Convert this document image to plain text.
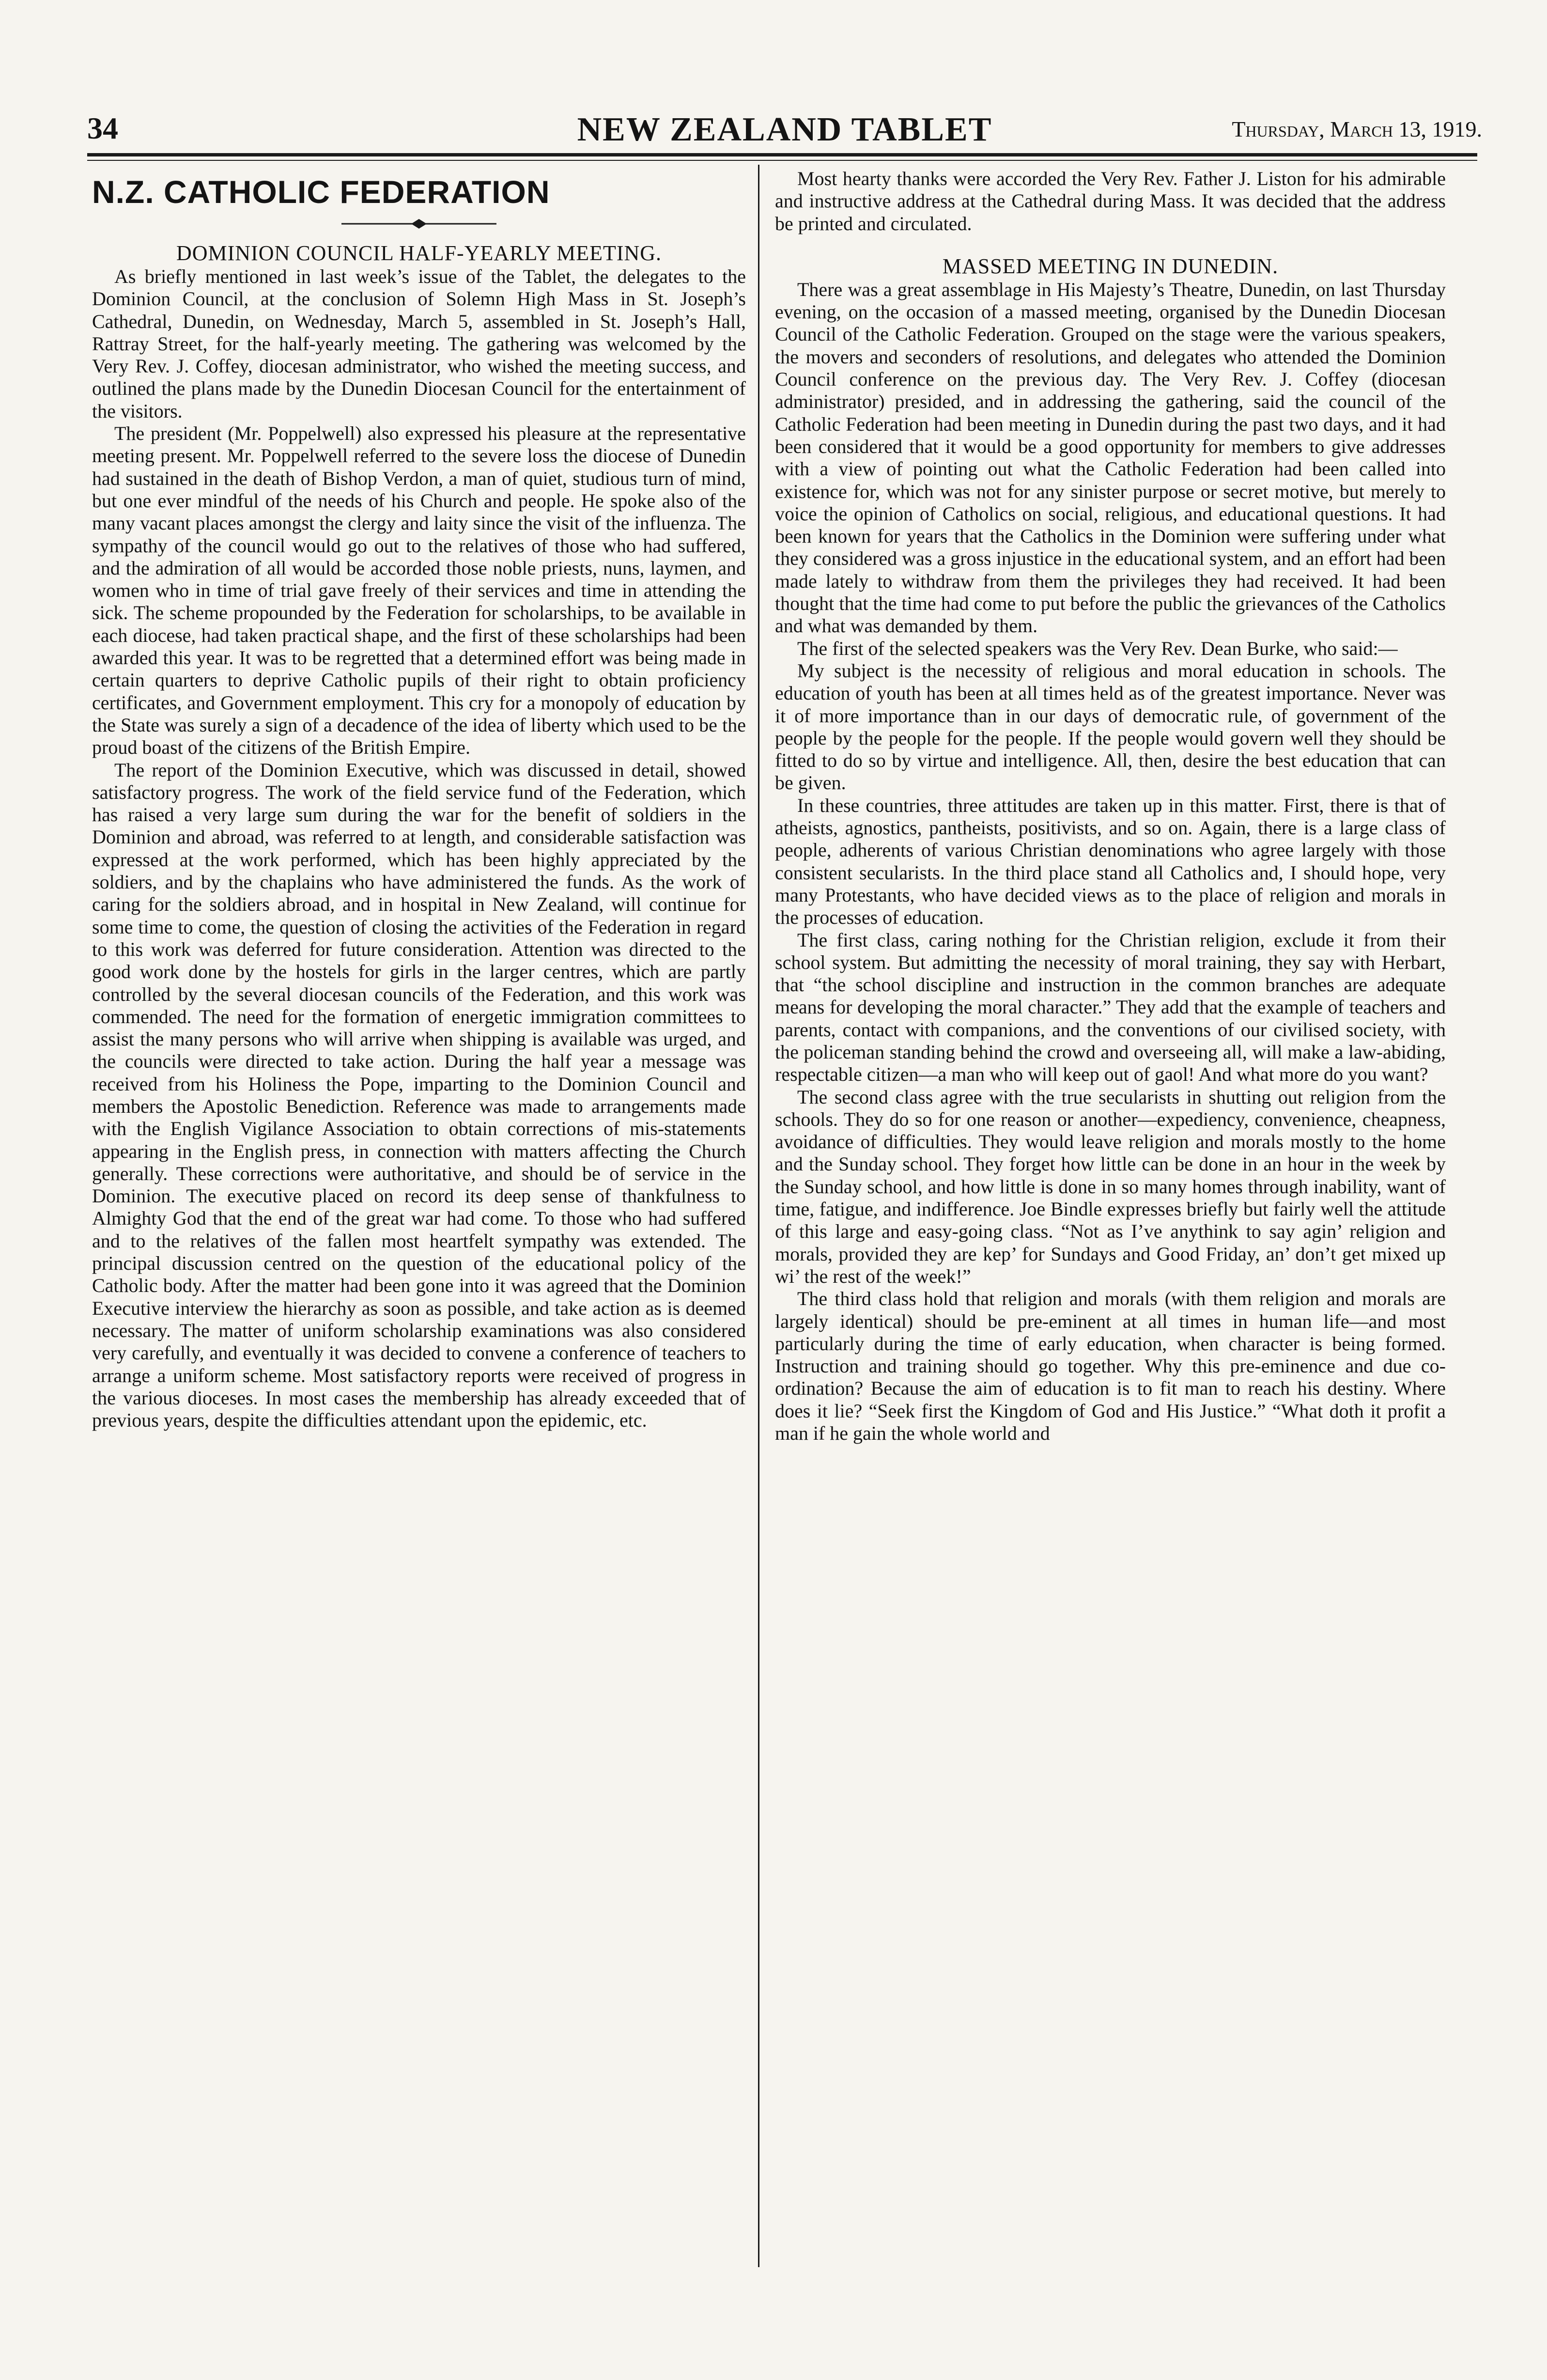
34	NEW ZEALAND TABLET	Thursday, March 13, 1919.
N.Z. CATHOLIC FEDERATION
DOMINION COUNCIL HALF-YEARLY MEETING.

As briefly mentioned in last week’s issue of the Tablet, the delegates to the Dominion Council, at the conclusion of Solemn High Mass in St. Joseph’s Cathedral, Dunedin, on Wednesday, March 5, assembled in St. Joseph’s Hall, Rattray Street, for the half-yearly meeting. The gathering was welcomed by the Very Rev. J. Coffey, diocesan administrator, who wished the meeting success, and outlined the plans made by the Dunedin Diocesan Council for the entertainment of the visitors.

The president (Mr. Poppelwell) also expressed his pleasure at the representative meeting present. Mr. Poppelwell referred to the severe loss the diocese of Dunedin had sustained in the death of Bishop Verdon, a man of quiet, studious turn of mind, but one ever mindful of the needs of his Church and people. He spoke also of the many vacant places amongst the clergy and laity since the visit of the influenza. The sympathy of the council would go out to the relatives of those who had suffered, and the admiration of all would be accorded those noble priests, nuns, laymen, and women who in time of trial gave freely of their services and time in attending the sick. The scheme propounded by the Federation for scholarships, to be available in each diocese, had taken practical shape, and the first of these scholarships had been awarded this year. It was to be regretted that a determined effort was being made in certain quarters to deprive Catholic pupils of their right to obtain proficiency certificates, and Government employment. This cry for a monopoly of education by the State was surely a sign of a decadence of the idea of liberty which used to be the proud boast of the citizens of the British Empire.

The report of the Dominion Executive, which was discussed in detail, showed satisfactory progress. The work of the field service fund of the Federation, which has raised a very large sum during the war for the benefit of soldiers in the Dominion and abroad, was referred to at length, and considerable satisfaction was expressed at the work performed, which has been highly appreciated by the soldiers, and by the chaplains who have administered the funds. As the work of caring for the soldiers abroad, and in hospital in New Zealand, will continue for some time to come, the question of closing the activities of the Federation in regard to this work was deferred for future consideration. Attention was directed to the good work done by the hostels for girls in the larger centres, which are partly controlled by the several diocesan councils of the Federation, and this work was commended. The need for the formation of energetic immigration committees to assist the many persons who will arrive when shipping is available was urged, and the councils were directed to take action. During the half year a message was received from his Holiness the Pope, imparting to the Dominion Council and members the Apostolic Benediction. Reference was made to arrangements made with the English Vigilance Association to obtain corrections of mis-statements appearing in the English press, in connection with matters affecting the Church generally. These corrections were authoritative, and should be of service in the Dominion. The executive placed on record its deep sense of thankfulness to Almighty God that the end of the great war had come. To those who had suffered and to the relatives of the fallen most heartfelt sympathy was extended. The principal discussion centred on the question of the educational policy of the Catholic body. After the matter had been gone into it was agreed that the Dominion Executive interview the hierarchy as soon as possible, and take action as is deemed necessary. The matter of uniform scholarship examinations was also considered very carefully, and eventually it was decided to convene a conference of teachers to arrange a uniform scheme. Most satisfactory reports were received of progress in the various dioceses. In most cases the membership has already exceeded that of previous years, despite the difficulties attendant upon the epidemic, etc.

Most hearty thanks were accorded the Very Rev. Father J. Liston for his admirable and instructive address at the Cathedral during Mass. It was decided that the address be printed and circulated.

MASSED MEETING IN DUNEDIN.

There was a great assemblage in His Majesty’s Theatre, Dunedin, on last Thursday evening, on the occasion of a massed meeting, organised by the Dunedin Diocesan Council of the Catholic Federation. Grouped on the stage were the various speakers, the movers and seconders of resolutions, and delegates who attended the Dominion Council conference on the previous day. The Very Rev. J. Coffey (diocesan administrator) presided, and in addressing the gathering, said the council of the Catholic Federation had been meeting in Dunedin during the past two days, and it had been considered that it would be a good opportunity for members to give addresses with a view of pointing out what the Catholic Federation had been called into existence for, which was not for any sinister purpose or secret motive, but merely to voice the opinion of Catholics on social, religious, and educational questions. It had been known for years that the Catholics in the Dominion were suffering under what they considered was a gross injustice in the educational system, and an effort had been made lately to withdraw from them the privileges they had received. It had been thought that the time had come to put before the public the grievances of the Catholics and what was demanded by them.

The first of the selected speakers was the Very Rev. Dean Burke, who said:—

My subject is the necessity of religious and moral education in schools. The education of youth has been at all times held as of the greatest importance. Never was it of more importance than in our days of democratic rule, of government of the people by the people for the people. If the people would govern well they should be fitted to do so by virtue and intelligence. All, then, desire the best education that can be given.

In these countries, three attitudes are taken up in this matter. First, there is that of atheists, agnostics, pantheists, positivists, and so on. Again, there is a large class of people, adherents of various Christian denominations who agree largely with those consistent secularists. In the third place stand all Catholics and, I should hope, very many Protestants, who have decided views as to the place of religion and morals in the processes of education.

The first class, caring nothing for the Christian religion, exclude it from their school system. But admitting the necessity of moral training, they say with Herbart, that “the school discipline and instruction in the common branches are adequate means for developing the moral character.” They add that the example of teachers and parents, contact with companions, and the conventions of our civilised society, with the policeman standing behind the crowd and overseeing all, will make a law-abiding, respectable citizen—a man who will keep out of gaol! And what more do you want?

The second class agree with the true secularists in shutting out religion from the schools. They do so for one reason or another—expediency, convenience, cheapness, avoidance of difficulties. They would leave religion and morals mostly to the home and the Sunday school. They forget how little can be done in an hour in the week by the Sunday school, and how little is done in so many homes through inability, want of time, fatigue, and indifference. Joe Bindle expresses briefly but fairly well the attitude of this large and easy-going class. “Not as I’ve anythink to say agin’ religion and morals, provided they are kep’ for Sundays and Good Friday, an’ don’t get mixed up wi’ the rest of the week!”

The third class hold that religion and morals (with them religion and morals are largely identical) should be pre-eminent at all times in human life—and most particularly during the time of early education, when character is being formed. Instruction and training should go together. Why this pre-eminence and due co-ordination? Because the aim of education is to fit man to reach his destiny. Where does it lie? “Seek first the Kingdom of God and His Justice.” “What doth it profit a man if he gain the whole world and
